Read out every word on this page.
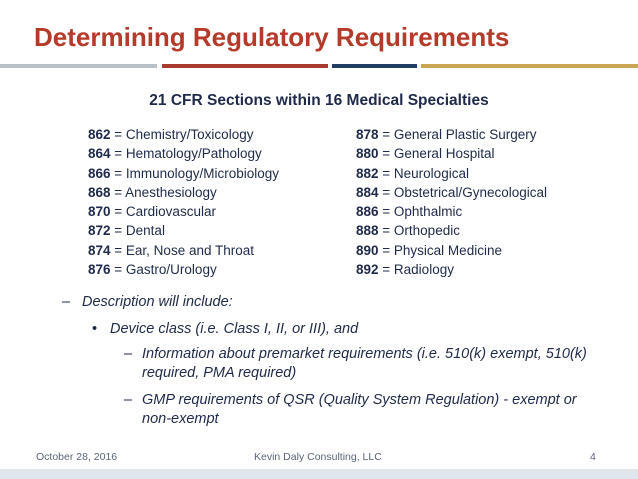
Determining Regulatory Requirements
21 CFR Sections within 16 Medical Specialties
862 = Chemistry/Toxicology
864 = Hematology/Pathology
866 = Immunology/Microbiology
868 = Anesthesiology
870 = Cardiovascular
872 = Dental
874 = Ear, Nose and Throat
876 = Gastro/Urology
878 = General Plastic Surgery
880 = General Hospital
882 = Neurological
884 = Obstetrical/Gynecological
886 = Ophthalmic
888 = Orthopedic
890 = Physical Medicine
892 = Radiology
– Description will include:
• Device class (i.e. Class I, II, or III), and
– Information about premarket requirements (i.e. 510(k) exempt, 510(k) required, PMA required)
– GMP requirements of QSR (Quality System Regulation) - exempt or non-exempt
October 28, 2016	Kevin Daly Consulting, LLC	4
